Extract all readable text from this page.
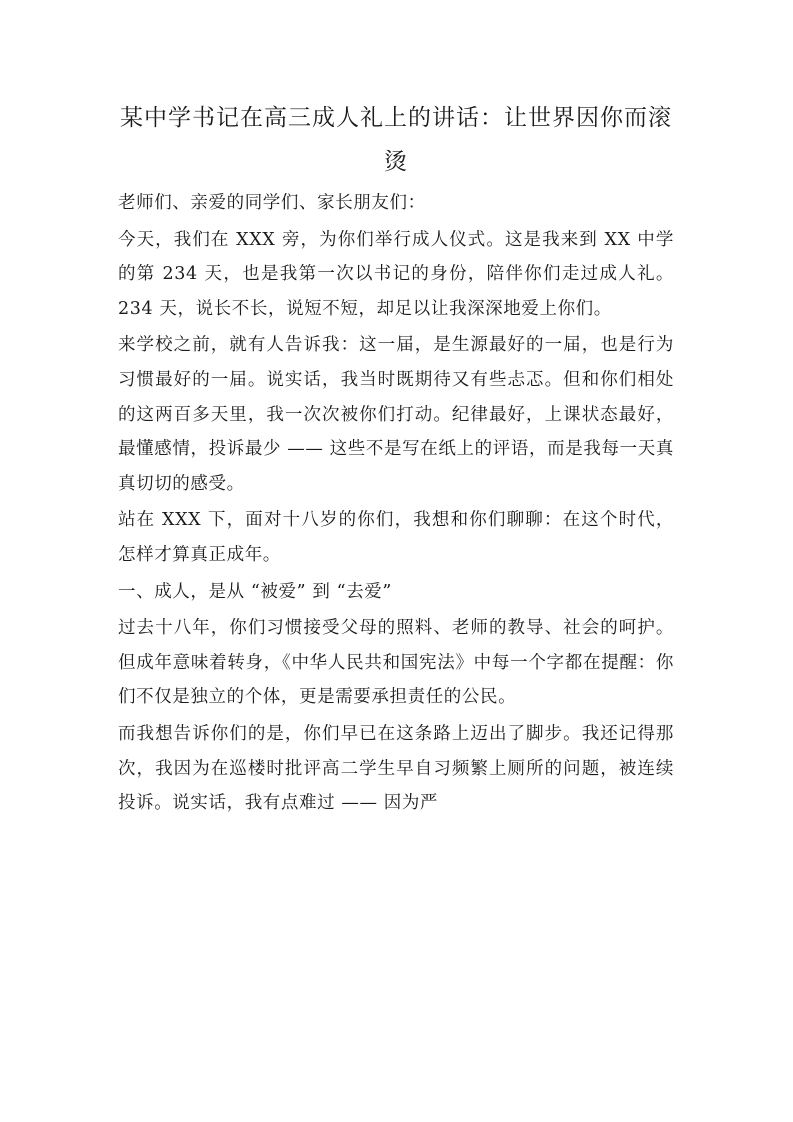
某中学书记在高三成人礼上的讲话：让世界因你而滚烫

老师们、亲爱的同学们、家长朋友们：

今天，我们在 XXX 旁，为你们举行成人仪式。这是我来到 XX 中学的第 234 天，也是我第一次以书记的身份，陪伴你们走过成人礼。234 天，说长不长，说短不短，却足以让我深深地爱上你们。

来学校之前，就有人告诉我：这一届，是生源最好的一届，也是行为习惯最好的一届。说实话，我当时既期待又有些忐忑。但和你们相处的这两百多天里，我一次次被你们打动。纪律最好，上课状态最好，最懂感情，投诉最少 —— 这些不是写在纸上的评语，而是我每一天真真切切的感受。

站在 XXX 下，面对十八岁的你们，我想和你们聊聊：在这个时代，怎样才算真正成年。

一、成人，是从 “被爱” 到 “去爱”

过去十八年，你们习惯接受父母的照料、老师的教导、社会的呵护。但成年意味着转身，《中华人民共和国宪法》中每一个字都在提醒：你们不仅是独立的个体，更是需要承担责任的公民。

而我想告诉你们的是，你们早已在这条路上迈出了脚步。我还记得那次，我因为在巡楼时批评高二学生早自习频繁上厕所的问题，被连续投诉。说实话，我有点难过 —— 因为严
